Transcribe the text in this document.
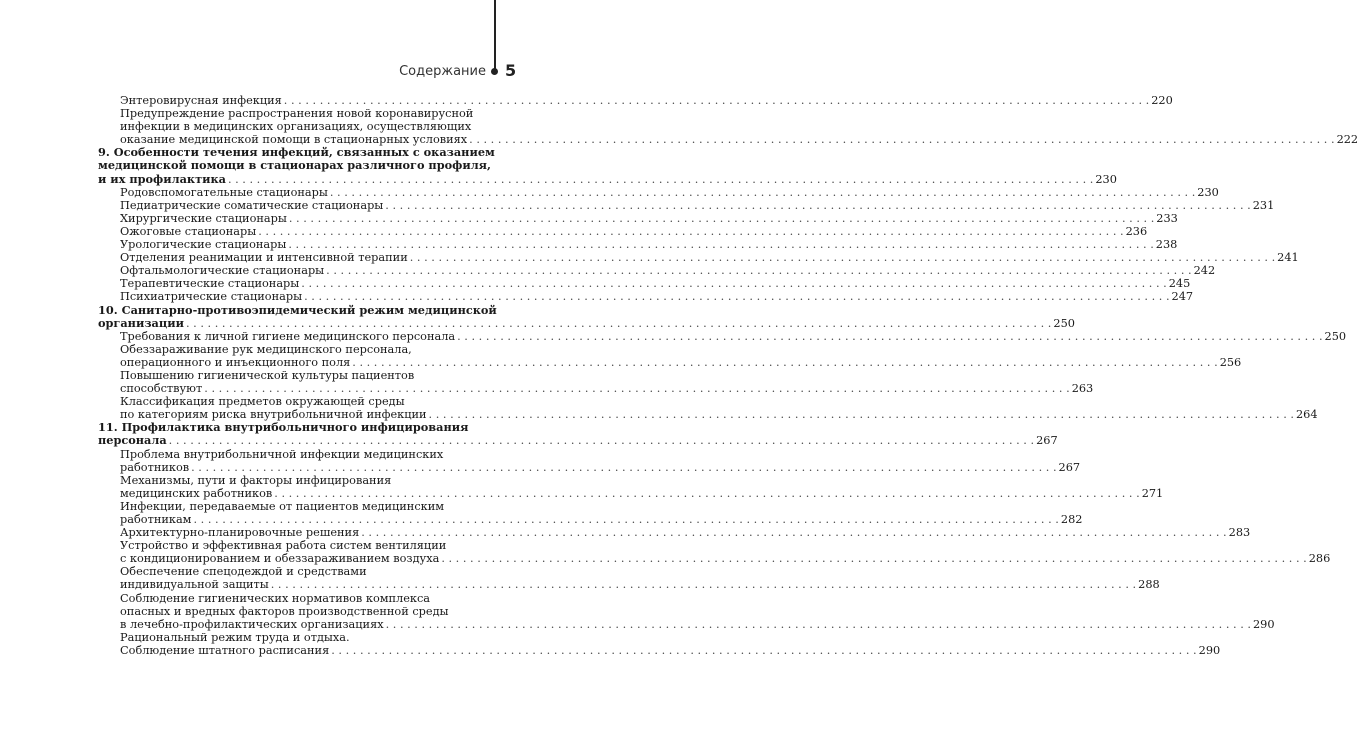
Содержание 5
Энтеровирусная инфекция . . .	220
Предупреждение распространения новой коронавирусной
инфекции в медицинских организациях, осуществляющих
оказание медицинской помощи в стационарных условиях . . .	222
9. Особенности течения инфекций, связанных с оказанием
медицинской помощи в стационарах различного профиля,
и их профилактика . . .	230
Родовспомогательные стационары . . .	230
Педиатрические соматические стационары . . .	231
Хирургические стационары . . .	233
Ожоговые стационары . . .	236
Урологические стационары . . .	238
Отделения реанимации и интенсивной терапии . . .	241
Офтальмологические стационары . . .	242
Терапевтические стационары . . .	245
Психиатрические стационары . . .	247
10. Санитарно-противоэпидемический режим медицинской
организации . . .	250
Требования к личной гигиене медицинского персонала . . .	250
Обеззараживание рук медицинского персонала,
операционного и инъекционного поля . . .	256
Повышению гигиенической культуры пациентов
способствуют . . .	263
Классификация предметов окружающей среды
по категориям риска внутрибольничной инфекции . . .	264
11. Профилактика внутрибольничного инфицирования
персонала . . .	267
Проблема внутрибольничной инфекции медицинских
работников . . .	267
Механизмы, пути и факторы инфицирования
медицинских работников . . .	271
Инфекции, передаваемые от пациентов медицинским
работникам . . .	282
Архитектурно-планировочные решения . . .	283
Устройство и эффективная работа систем вентиляции
с кондиционированием и обеззараживанием воздуха . . .	286
Обеспечение спецодеждой и средствами
индивидуальной защиты . . .	288
Соблюдение гигиенических нормативов комплекса
опасных и вредных факторов производственной среды
в лечебно-профилактических организациях . . .	290
Рациональный режим труда и отдыха.
Соблюдение штатного расписания . . .	290
